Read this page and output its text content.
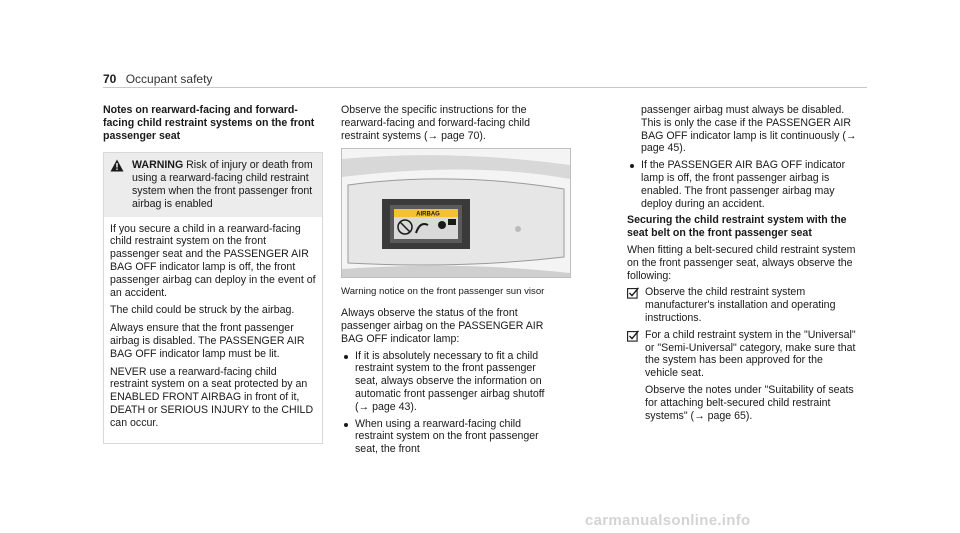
70 Occupant safety
Notes on rearward-facing and forward-facing child restraint systems on the front passenger seat
WARNING Risk of injury or death from using a rearward-facing child restraint system when the front passenger front airbag is enabled

If you secure a child in a rearward-facing child restraint system on the front passenger seat and the PASSENGER AIR BAG OFF indicator lamp is off, the front passenger airbag can deploy in the event of an accident.

The child could be struck by the airbag.

Always ensure that the front passenger airbag is disabled. The PASSENGER AIR BAG OFF indicator lamp must be lit.

NEVER use a rearward-facing child restraint system on a seat protected by an ENABLED FRONT AIRBAG in front of it, DEATH or SERIOUS INJURY to the CHILD can occur.

Observe the specific instructions for the rearward-facing and forward-facing child restraint systems (→ page 70).

AIRBAG
Warning notice on the front passenger sun visor

Always observe the status of the front passenger airbag on the PASSENGER AIR BAG OFF indicator lamp:

If it is absolutely necessary to fit a child restraint system to the front passenger seat, always observe the information on automatic front passenger airbag shutoff (→ page 43).
When using a rearward-facing child restraint system on the front passenger seat, the front

passenger airbag must always be disabled. This is only the case if the PASSENGER AIR BAG OFF indicator lamp is lit continuously (→ page 45).

If the PASSENGER AIR BAG OFF indicator lamp is off, the front passenger airbag is enabled. The front passenger airbag may deploy during an accident.
Securing the child restraint system with the seat belt on the front passenger seat

When fitting a belt-secured child restraint system on the front passenger seat, always observe the following:

Observe the child restraint system manufacturer's installation and operating instructions.
For a child restraint system in the "Universal" or "Semi-Universal" category, make sure that the system has been approved for the vehicle seat.

Observe the notes under "Suitability of seats for attaching belt-secured child restraint systems" (→ page 65).

carmanualsonline.info
